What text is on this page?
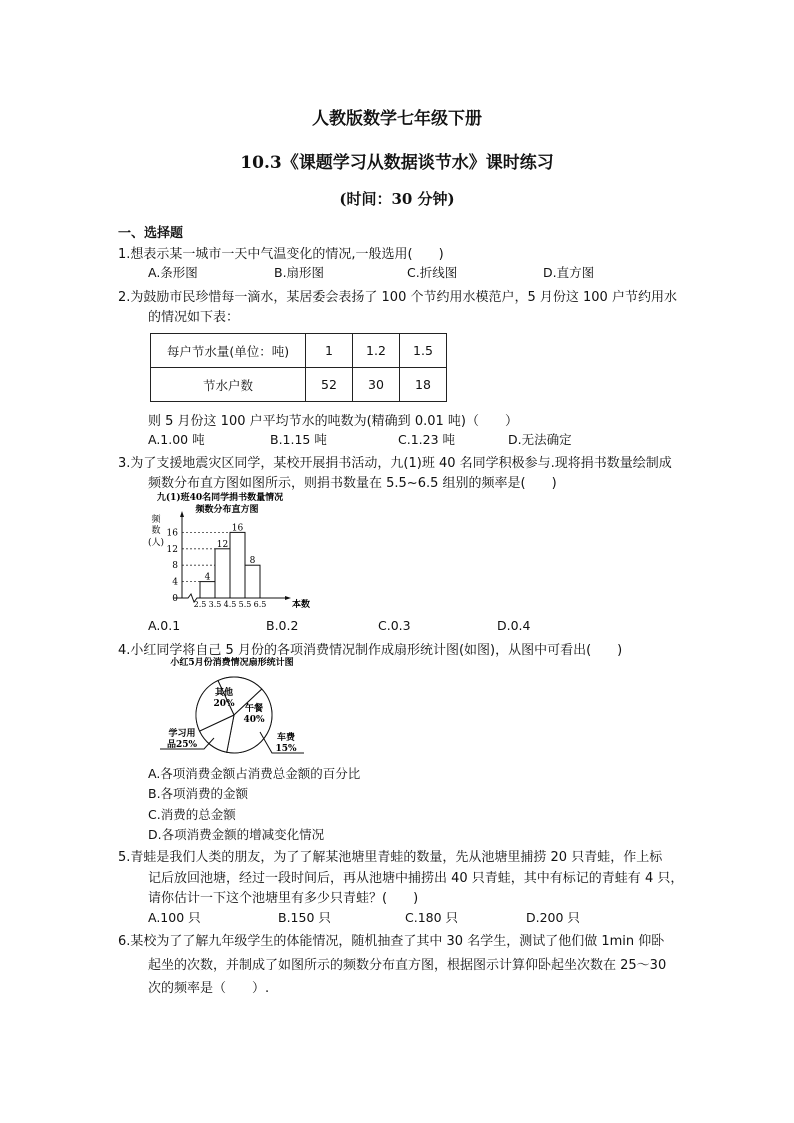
人教版数学七年级下册
10.3《课题学习从数据谈节水》课时练习
(时间：30 分钟)
一、选择题
1.想表示某一城市一天中气温变化的情况,一般选用(　　)
A.条形图	B.扇形图	C.折线图	D.直方图
2.为鼓励市民珍惜每一滴水，某居委会表扬了 100 个节约用水模范户，5 月份这 100 户节约用水
的情况如下表：
每户节水量(单位：吨)	1	1.2	1.5
节水户数	52	30	18
则 5 月份这 100 户平均节水的吨数为(精确到 0.01 吨)（　　）
A.1.00 吨	B.1.15 吨	C.1.23 吨	D.无法确定
3.为了支援地震灾区同学，某校开展捐书活动，九(1)班 40 名同学积极参与.现将捐书数量绘制成
频数分布直方图如图所示，则捐书数量在 5.5~6.5 组别的频率是(　　)
九(1)班40名同学捐书数量情况
频数分布直方图
频
数
(人)
0
4
8
12
16
2.5 3.5 4.5 5.5 6.5
4
12
16
8
本数
A.0.1	B.0.2	C.0.3	D.0.4
4.小红同学将自己 5 月份的各项消费情况制作成扇形统计图(如图)，从图中可看出(　　)
小红5月份消费情况扇形统计图
其他
20% 午餐
40%
车费
15%
学习用
品25%
A.各项消费金额占消费总金额的百分比
B.各项消费的金额
C.消费的总金额
D.各项消费金额的增减变化情况
5.青蛙是我们人类的朋友，为了了解某池塘里青蛙的数量，先从池塘里捕捞 20 只青蛙，作上标
记后放回池塘，经过一段时间后，再从池塘中捕捞出 40 只青蛙，其中有标记的青蛙有 4 只，
请你估计一下这个池塘里有多少只青蛙？(　　)
A.100 只	B.150 只	C.180 只	D.200 只
6.某校为了了解九年级学生的体能情况，随机抽查了其中 30 名学生，测试了他们做 1min 仰卧
起坐的次数，并制成了如图所示的频数分布直方图，根据图示计算仰卧起坐次数在 25～30
次的频率是（　　）.
